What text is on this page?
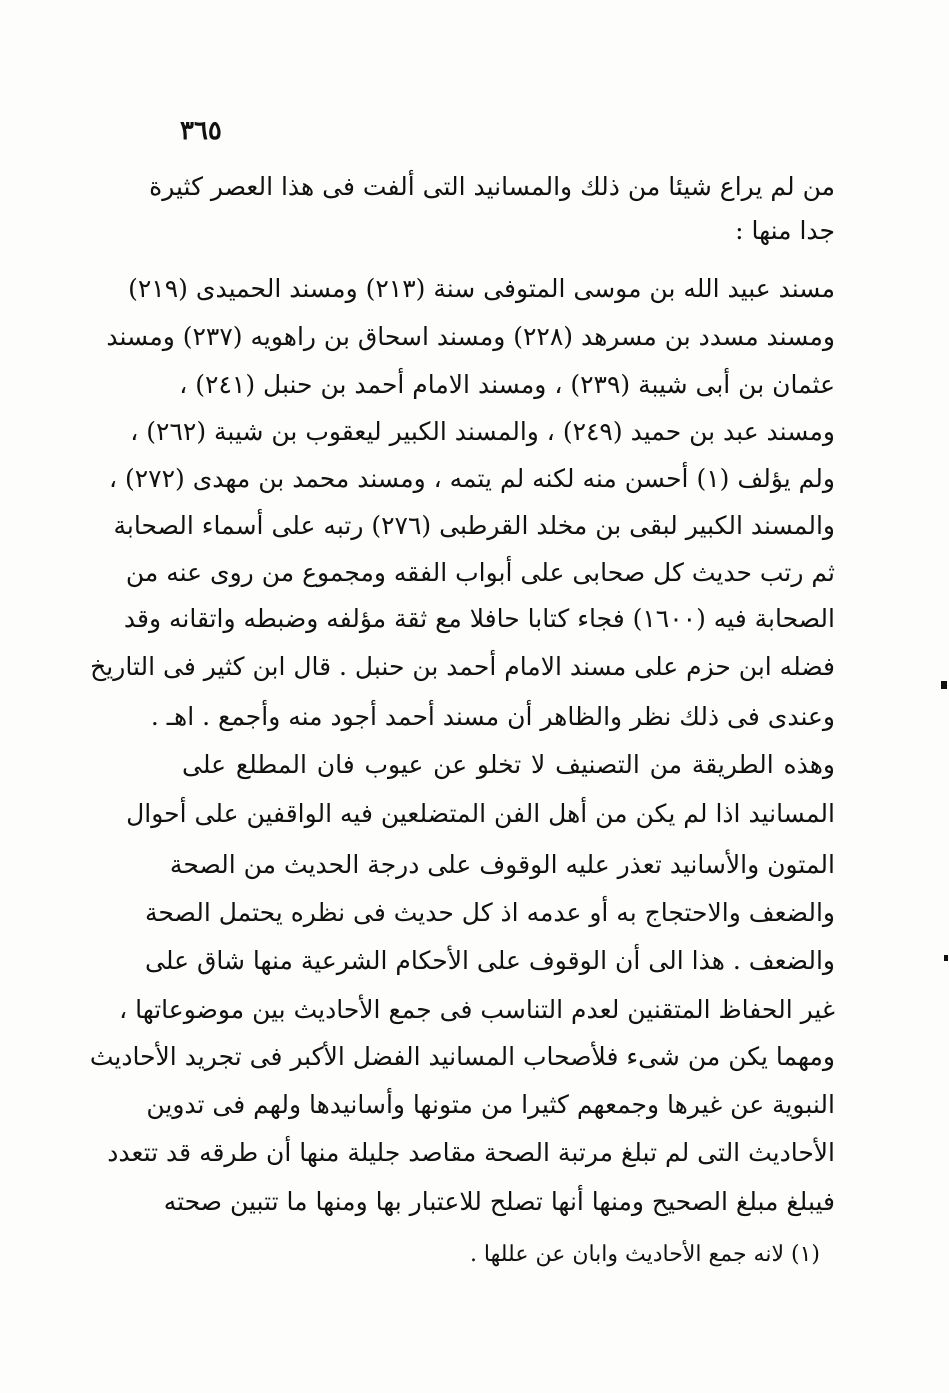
٣٦٥
من لم يراع شيئا من ذلك والمسانيد التى ألفت فى هذا العصر كثيرة
جدا منها :
مسند عبيد الله بن موسى المتوفى سنة (٢١٣) ومسند الحميدى (٢١٩)
ومسند مسدد بن مسرهد (٢٢٨) ومسند اسحاق بن راهويه (٢٣٧) ومسند
عثمان بن أبى شيبة (٢٣٩) ، ومسند الامام أحمد بن حنبل (٢٤١) ،
ومسند عبد بن حميد (٢٤٩) ، والمسند الكبير ليعقوب بن شيبة (٢٦٢) ،
ولم يؤلف (١) أحسن منه لكنه لم يتمه ، ومسند محمد بن مهدى (٢٧٢) ،
والمسند الكبير لبقى بن مخلد القرطبى (٢٧٦) رتبه على أسماء الصحابة
ثم رتب حديث كل صحابى على أبواب الفقه ومجموع من روى عنه من
الصحابة فيه (١٦٠٠) فجاء كتابا حافلا مع ثقة مؤلفه وضبطه واتقانه وقد
فضله ابن حزم على مسند الامام أحمد بن حنبل . قال ابن كثير فى التاريخ
وعندى فى ذلك نظر والظاهر أن مسند أحمد أجود منه وأجمع . اهـ .
وهذه الطريقة من التصنيف لا تخلو عن عيوب فان المطلع على
المسانيد اذا لم يكن من أهل الفن المتضلعين فيه الواقفين على أحوال
المتون والأسانيد تعذر عليه الوقوف على درجة الحديث من الصحة
والضعف والاحتجاج به أو عدمه اذ كل حديث فى نظره يحتمل الصحة
والضعف . هذا الى أن الوقوف على الأحكام الشرعية منها شاق على
غير الحفاظ المتقنين لعدم التناسب فى جمع الأحاديث بين موضوعاتها ،
ومهما يكن من شىء فلأصحاب المسانيد الفضل الأكبر فى تجريد الأحاديث
النبوية عن غيرها وجمعهم كثيرا من متونها وأسانيدها ولهم فى تدوين
الأحاديث التى لم تبلغ مرتبة الصحة مقاصد جليلة منها أن طرقه قد تتعدد
فيبلغ مبلغ الصحيح ومنها أنها تصلح للاعتبار بها ومنها ما تتبين صحته
(١) لانه جمع الأحاديث وابان عن عللها .
